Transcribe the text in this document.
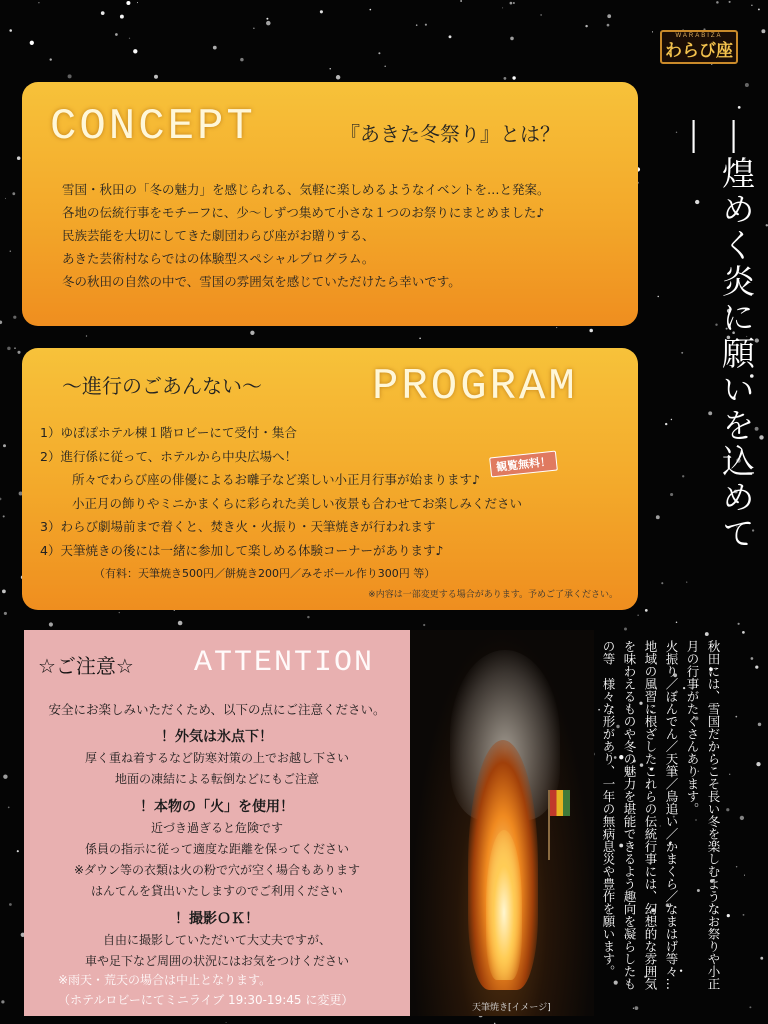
WARABIZA
わらび座
CONCEPT	『あきた冬祭り』とは？
雪国・秋田の「冬の魅力」を感じられる、気軽に楽しめるようなイベントを…と発案。
各地の伝統行事をモチーフに、少〜しずつ集めて小さな１つのお祭りにまとめました♪
民族芸能を大切にしてきた劇団わらび座がお贈りする、
あきた芸術村ならではの体験型スペシャルプログラム。
冬の秋田の自然の中で、雪国の雰囲気を感じていただけたら幸いです。	―煌めく炎に願いを込めて―
〜進行のごあんない〜	PROGRAM
観覧無料！
1）ゆぽぽホテル棟１階ロビーにて受付・集合
2）進行係に従って、ホテルから中央広場へ！
所々でわらび座の俳優によるお囃子など楽しい小正月行事が始まります♪
小正月の飾りやミニかまくらに彩られた美しい夜景も合わせてお楽しみください
3）わらび劇場前まで着くと、焚き火・火振り・天筆焼きが行われます
4）天筆焼きの後には一緒に参加して楽しめる体験コーナーがあります♪
（有料：天筆焼き500円／餅焼き200円／みそボール作り300円 等）
※内容は一部変更する場合があります。予めご了承ください。
☆ご注意☆ ATTENTION
安全にお楽しみいただくため、以下の点にご注意ください。
！外気は氷点下！
厚く重ね着するなど防寒対策の上でお越し下さい
地面の凍結による転倒などにもご注意
！本物の「火」を使用！
近づき過ぎると危険です
係員の指示に従って適度な距離を保ってください
※ダウン等の衣類は火の粉で穴が空く場合もあります
はんてんを貸出いたしますのでご利用ください
！撮影ＯＫ！
自由に撮影していただいて大丈夫ですが、
車や足下など周囲の状況にはお気をつけください
※雨天・荒天の場合は中止となります。
（ホテルロビーにてミニライブ 19:30-19:45 に変更）
天筆焼き[イメージ]
秋田には、雪国だからこそ長い冬を楽しむようなお祭りや小正
月の行事がたくさんあります。
火振り／ぼんでん／天筆／鳥追い／かまくら／なまはげ等々…
地域の風習に根ざしたこれらの伝統行事には、幻想的な雰囲気
を味わえるものや冬の魅力を堪能できるよう趣向を凝らしたも
の等　様々な形があり、一年の無病息災や豊作を願います。
